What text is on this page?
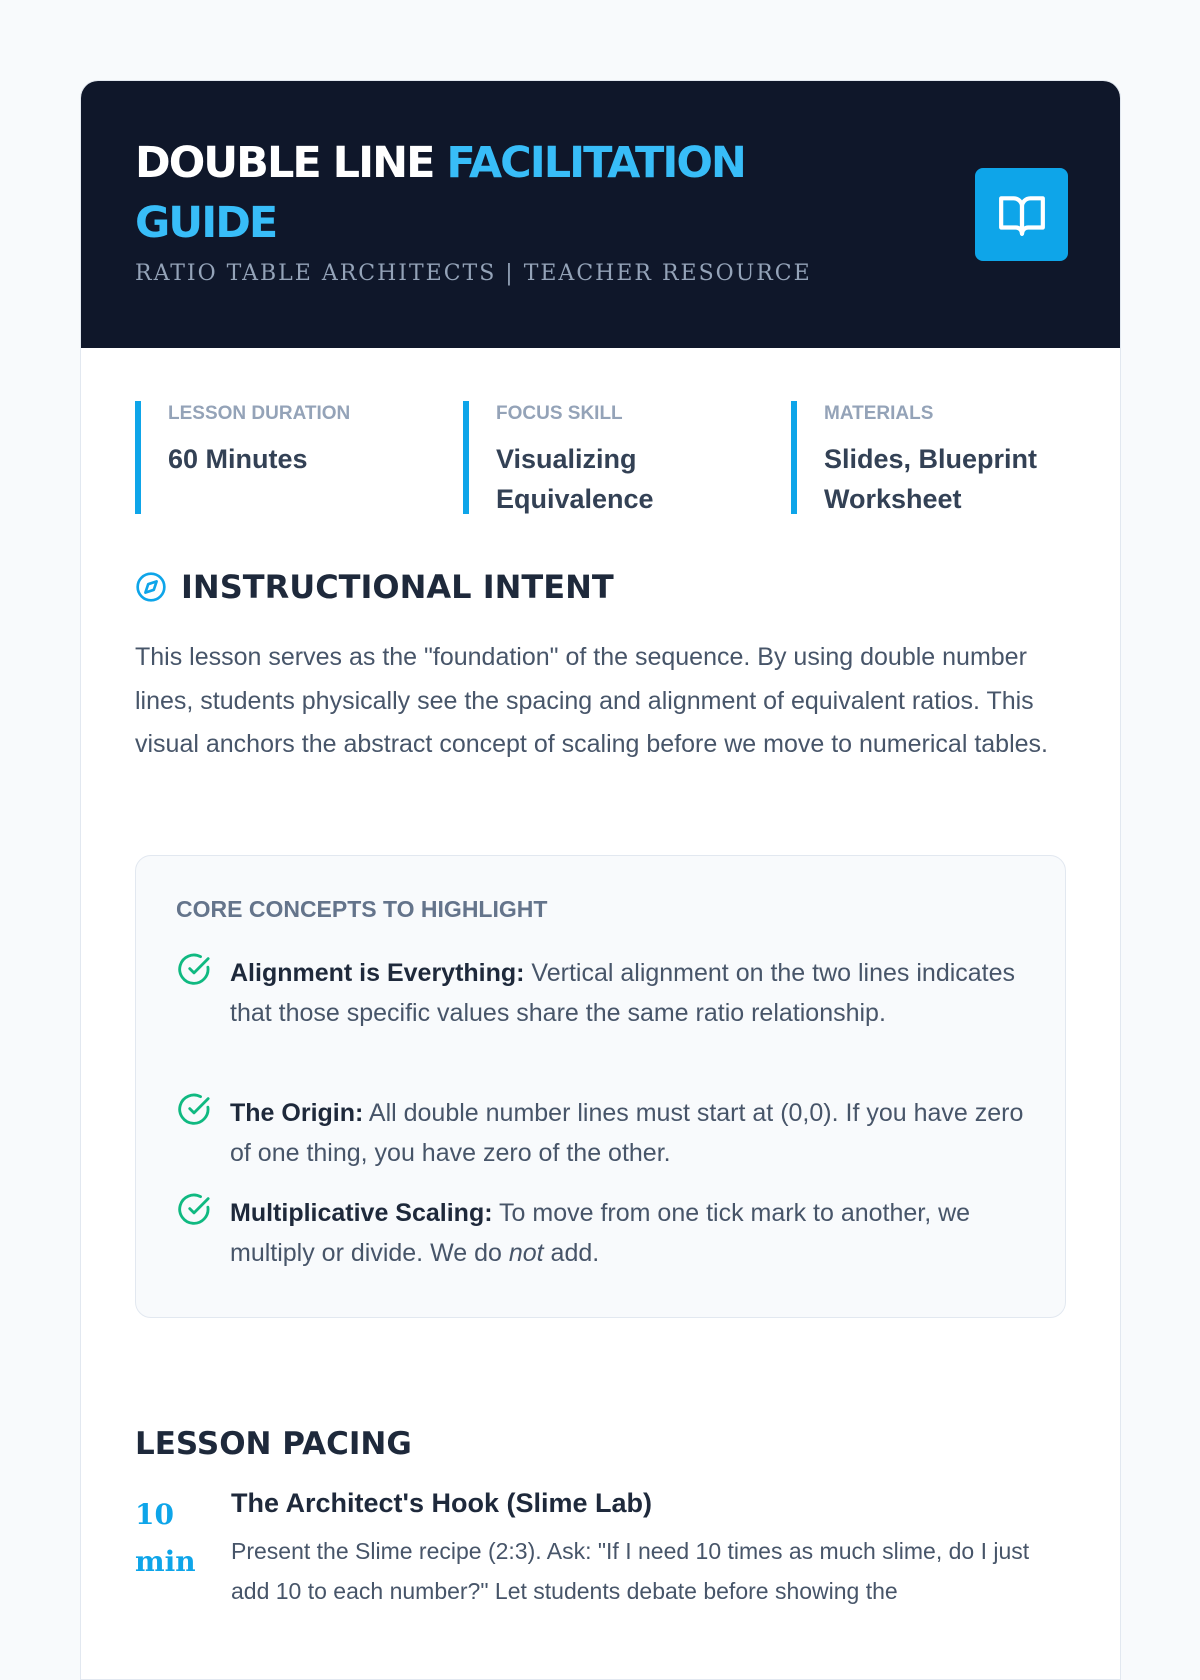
DOUBLE LINE FACILITATION GUIDE
RATIO TABLE ARCHITECTS | TEACHER RESOURCE
LESSON DURATION
60 Minutes
FOCUS SKILL
Visualizing Equivalence
MATERIALS
Slides, Blueprint Worksheet
INSTRUCTIONAL INTENT

This lesson serves as the "foundation" of the sequence. By using double number lines, students physically see the spacing and alignment of equivalent ratios. This visual anchors the abstract concept of scaling before we move to numerical tables.

CORE CONCEPTS TO HIGHLIGHT

Alignment is Everything: Vertical alignment on the two lines indicates that those specific values share the same ratio relationship.

The Origin: All double number lines must start at (0,0). If you have zero of one thing, you have zero of the other.

Multiplicative Scaling: To move from one tick mark to another, we multiply or divide. We do not add.

LESSON PACING
10 min
The Architect's Hook (Slime Lab)

Present the Slime recipe (2:3). Ask: "If I need 10 times as much slime, do I just add 10 to each number?" Let students debate before showing the
